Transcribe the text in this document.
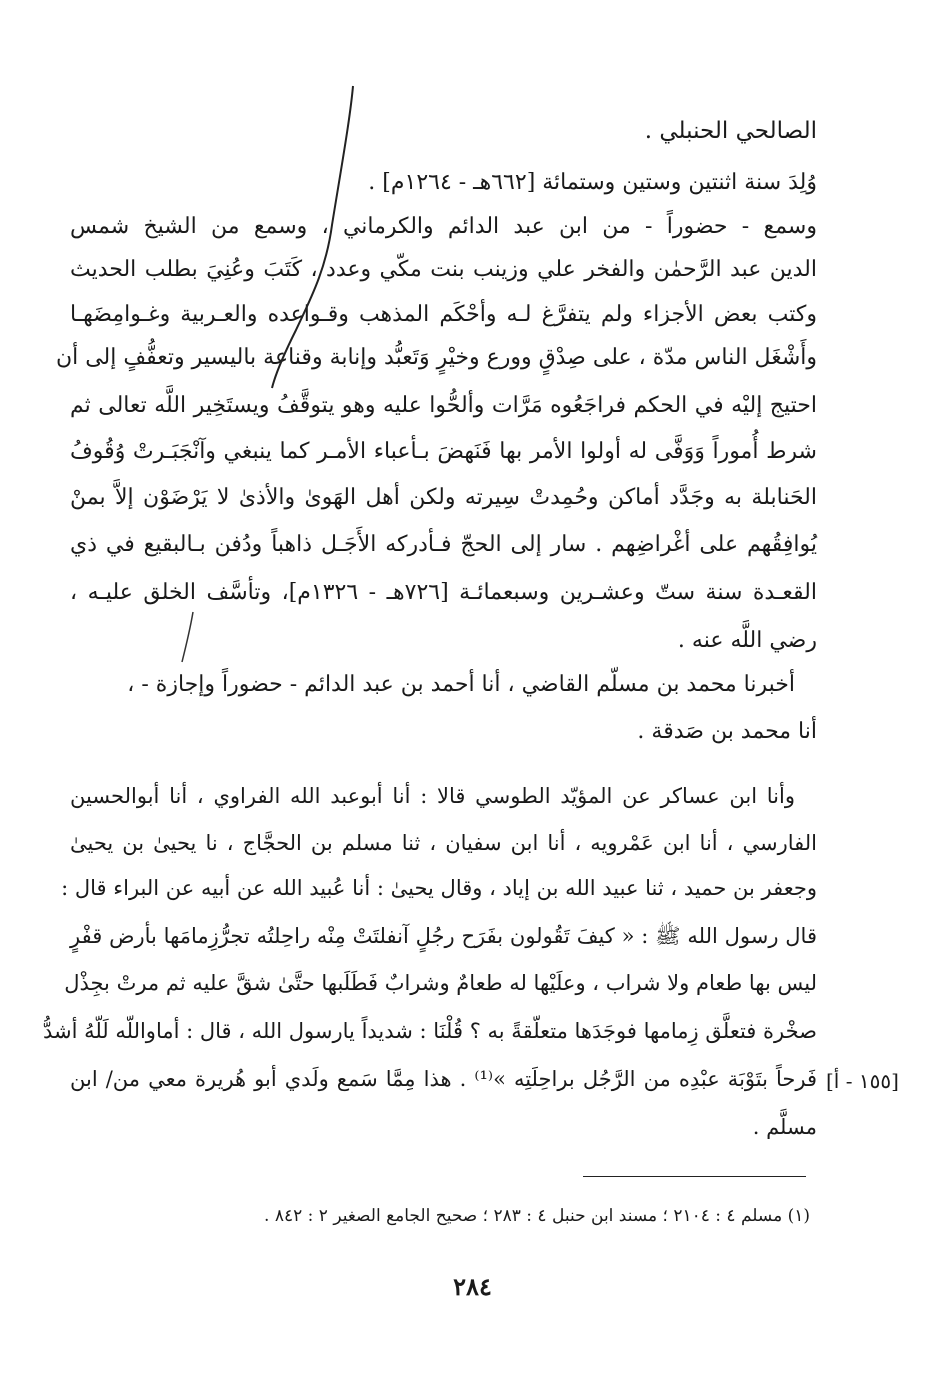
الصالحي الحنبلي .
وُلِدَ سنة اثنتين وستين وستمائة [٦٦٢هـ - ١٢٦٤م] .
وسمع - حضوراً - من ابن عبد الدائم والكرماني ، وسمع من الشيخ شمس
الدين عبد الرَّحمٰن والفخر علي وزينب بنت مكّي وعدد ، كَتَبَ وعُنِيَ بطلب الحديث
وكتب بعض الأجزاء ولم يتفرَّغ لـه وأحْكَم المذهب وقـواعده والعـربية وغـوامِضَهـا
وأَشْغَل الناس مدّة ، على صِدْقٍ وورع وخيْرٍ وَتَعبُّد وإنابة وقناعة باليسير وتعفُّفٍ إلى أن
احتيج إليْه في الحكم فراجَعُوه مَرَّات وألحُّوا عليه وهو يتوقَّفُ ويستَخِير اللَّه تعالى ثم
شرط أُموراً وَوَفَّى له أولوا الأمر بها فَنَهضَ بـأعباء الأمـر كما ينبغي وآنْجَبَـرتْ وُقُوفُ
الحَنابلة به وجَدَّد أماكن وحُمِدتْ سِيرته ولكن أهل الهَوىٰ والأذىٰ لا يَرْضَوْن إلاَّ بمنْ
يُوافِقُهم على أغْراضِهم . سار إلى الحجّ فـأدركه الأَجَـل ذاهباً ودُفن بـالبقيع في ذي
القعـدة سنة ستّ وعشـرين وسبعمائـة [٧٢٦هـ - ١٣٢٦م]، وتأسَّف الخلق عليـه ،
رضي اللَّه عنه .
أخبرنا محمد بن مسلّم القاضي ، أنا أحمد بن عبد الدائم - حضوراً وإجازة - ،
أنا محمد بن صَدقة .
وأنا ابن عساكر عن المؤيّد الطوسي قالا : أنا أبوعبد الله الفراوي ، أنا أبوالحسين
الفارسي ، أنا ابن عَمْرويه ، أنا ابن سفيان ، ثنا مسلم بن الحجَّاج ، نا يحيىٰ بن يحيىٰ
وجعفر بن حميد ، ثنا عبيد الله بن إياد ، وقال يحيىٰ : أنا عُبيد الله عن أبيه عن البراء قال :
قال رسول الله ﷺ : « كيفَ تَقُولون بفَرَح رجُلٍ آنفلتَتْ مِنْه راحِلتُه تجرُّزِمامَها بأرض قفْرٍ
ليس بها طعام ولا شراب ، وعلَيْها له طعامٌ وشرابٌ فَطَلَبها حتَّىٰ شقَّ عليه ثم مرتْ بجِذْل
صخْرة فتعلَّق زِمامها فوجَدَها متعلّقةً به ؟ قُلْنَا : شديداً يارسول الله ، قال : أماواللّه لَلّهُ أشدُّ
فَرحاً بتَوْبَة عبْدِه من الرَّجُل براحِلَتِه »⁽¹⁾ . هذا مِمَّا سَمع ولَدي أبو هُريرة معي من/ ابن
مسلَّم .
[١٥٥ - أ]
(١) مسلم ٤ : ٢١٠٤ ؛ مسند ابن حنبل ٤ : ٢٨٣ ؛ صحيح الجامع الصغير ٢ : ٨٤٢ .
٢٨٤
